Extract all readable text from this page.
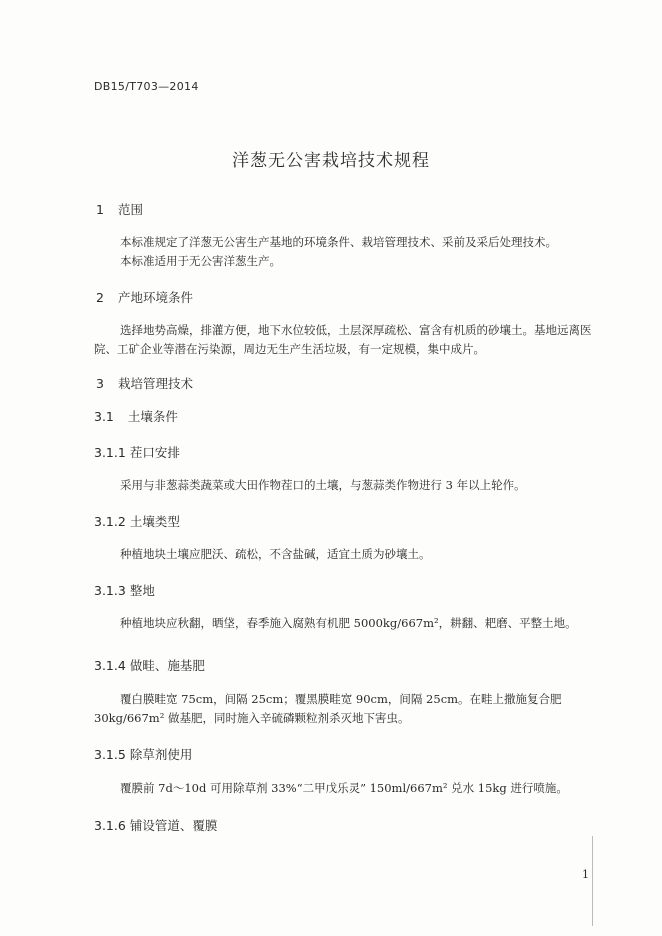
DB15/T703—2014
洋葱无公害栽培技术规程
1 范围
本标准规定了洋葱无公害生产基地的环境条件、栽培管理技术、采前及采后处理技术。
本标准适用于无公害洋葱生产。
2 产地环境条件
选择地势高燥，排灌方便，地下水位较低，土层深厚疏松、富含有机质的砂壤土。基地远离医院、工矿企业等潜在污染源，周边无生产生活垃圾，有一定规模，集中成片。
3 栽培管理技术
3.1 土壤条件
3.1.1 茬口安排
采用与非葱蒜类蔬菜或大田作物茬口的土壤，与葱蒜类作物进行 3 年以上轮作。
3.1.2 土壤类型
种植地块土壤应肥沃、疏松，不含盐碱，适宜土质为砂壤土。
3.1.3 整地
种植地块应秋翻，晒垡，春季施入腐熟有机肥 5000kg/667m²，耕翻、耙磨、平整土地。
3.1.4 做畦、施基肥
覆白膜畦宽 75cm，间隔 25cm；覆黑膜畦宽 90cm，间隔 25cm。在畦上撒施复合肥 30kg/667m² 做基肥，同时施入辛硫磷颗粒剂杀灭地下害虫。
3.1.5 除草剂使用
覆膜前 7d～10d 可用除草剂 33%“二甲戊乐灵” 150ml/667m² 兑水 15kg 进行喷施。
3.1.6 铺设管道、覆膜
1
